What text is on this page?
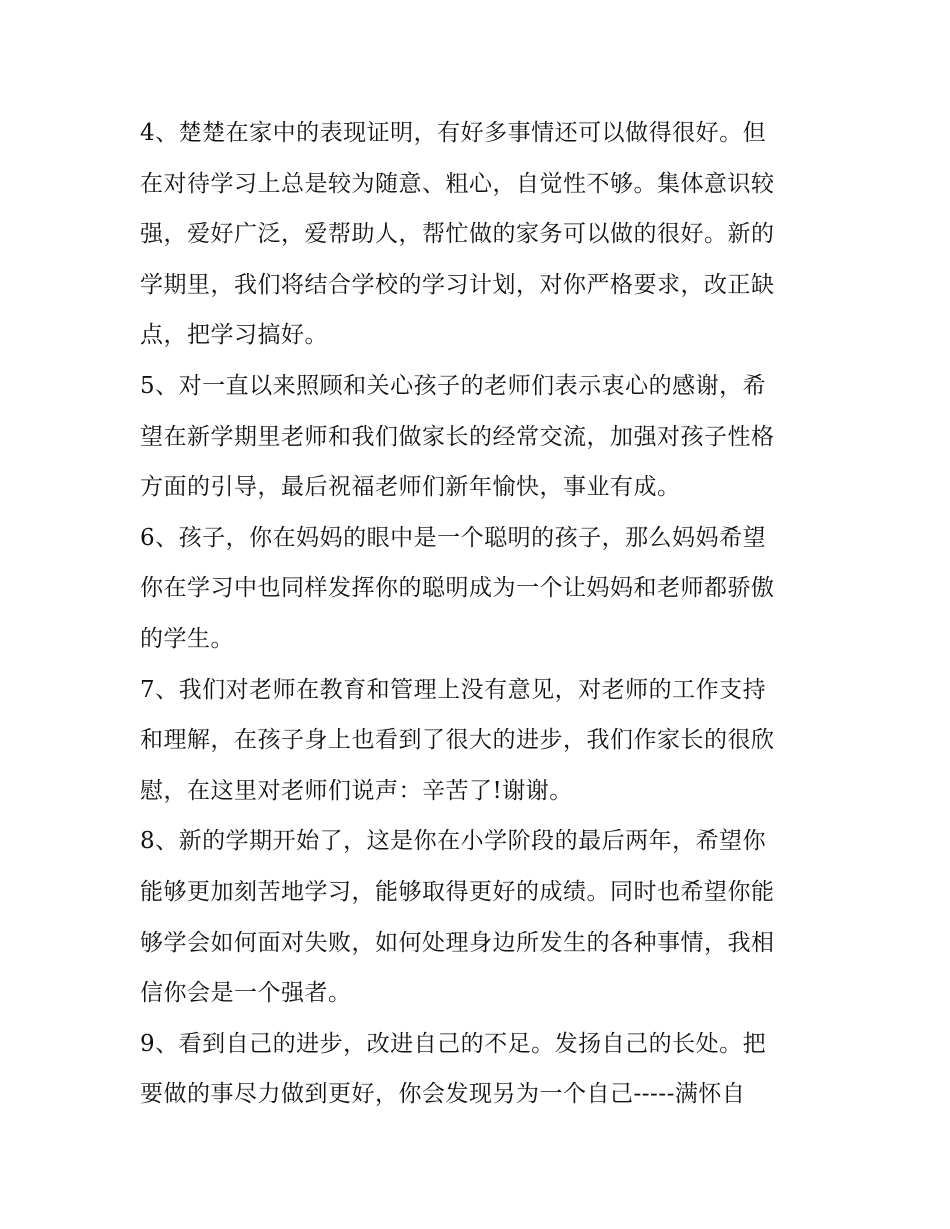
4、楚楚在家中的表现证明，有好多事情还可以做得很好。但
在对待学习上总是较为随意、粗心，自觉性不够。集体意识较
强，爱好广泛，爱帮助人，帮忙做的家务可以做的很好。新的
学期里，我们将结合学校的学习计划，对你严格要求，改正缺
点，把学习搞好。

5、对一直以来照顾和关心孩子的老师们表示衷心的感谢，希
望在新学期里老师和我们做家长的经常交流，加强对孩子性格
方面的引导，最后祝福老师们新年愉快，事业有成。

6、孩子，你在妈妈的眼中是一个聪明的孩子，那么妈妈希望
你在学习中也同样发挥你的聪明成为一个让妈妈和老师都骄傲
的学生。

7、我们对老师在教育和管理上没有意见，对老师的工作支持
和理解，在孩子身上也看到了很大的进步，我们作家长的很欣
慰，在这里对老师们说声：辛苦了!谢谢。

8、新的学期开始了，这是你在小学阶段的最后两年，希望你
能够更加刻苦地学习，能够取得更好的成绩。同时也希望你能
够学会如何面对失败，如何处理身边所发生的各种事情，我相
信你会是一个强者。

9、看到自己的进步，改进自己的不足。发扬自己的长处。把
要做的事尽力做到更好，你会发现另为一个自己-----满怀自
